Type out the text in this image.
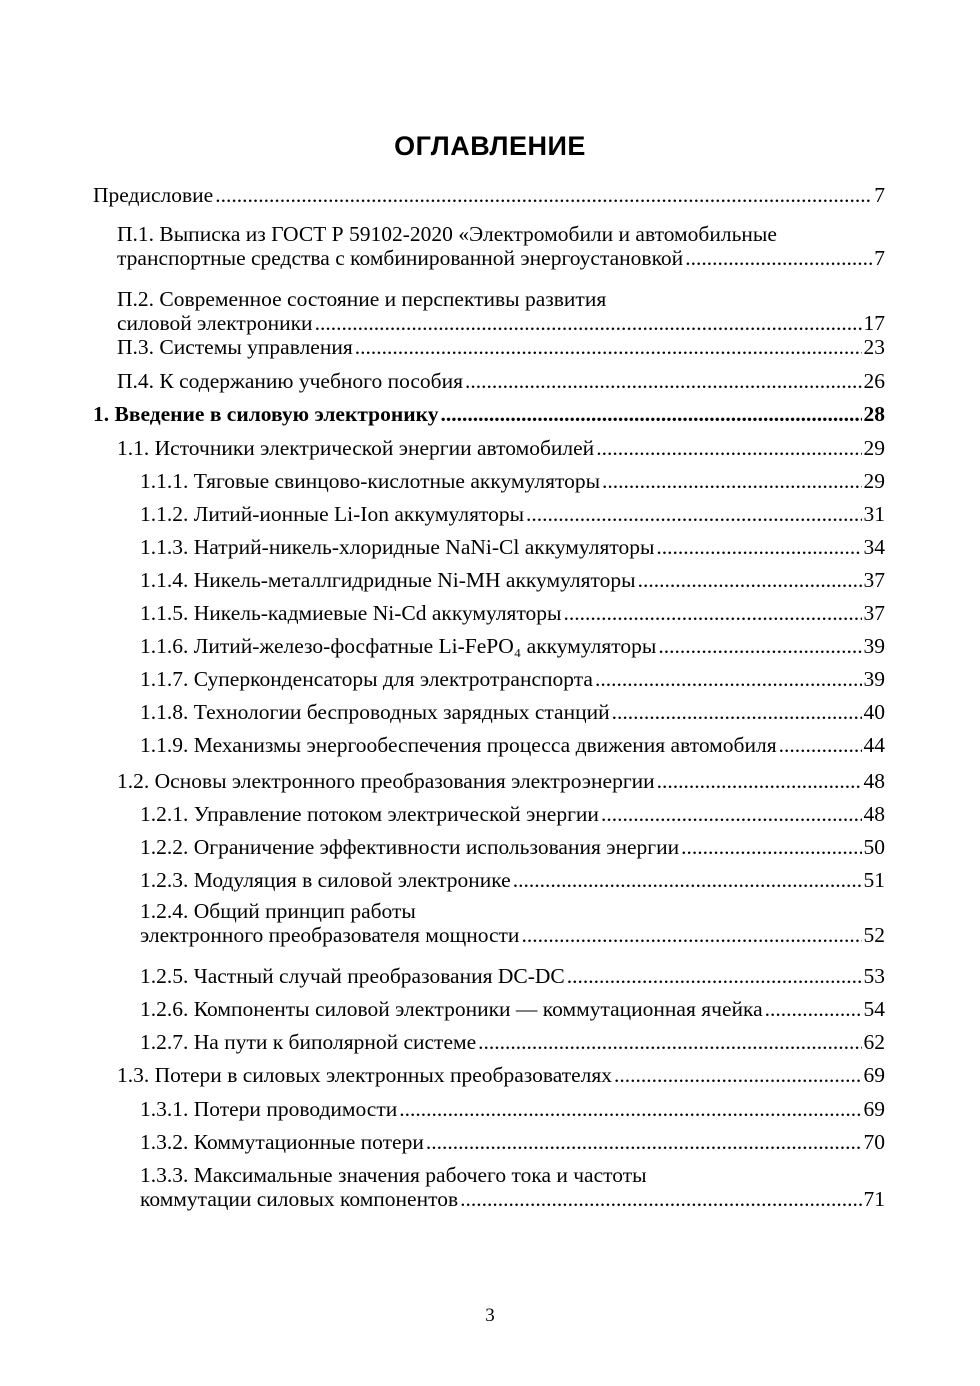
ОГЛАВЛЕНИЕ
Предисловие .....	7
П.1. Выписка из ГОСТ Р 59102-2020 «Электромобили и автомобильные
транспортные средства с комбинированной энергоустановкой .....	7
П.2. Современное состояние и перспективы развития
силовой электроники .....	17
П.3. Системы управления .....	23
П.4. К содержанию учебного пособия .....	26
1. Введение в силовую электронику .....	28
1.1. Источники электрической энергии автомобилей .....	29
1.1.1. Тяговые свинцово-кислотные аккумуляторы .....	29
1.1.2. Литий-ионные Li-Ion аккумуляторы .....	31
1.1.3. Натрий-никель-хлоридные NaNi-Cl аккумуляторы .....	34
1.1.4. Никель-металлгидридные Ni-MH аккумуляторы .....	37
1.1.5. Никель-кадмиевые Ni-Cd аккумуляторы .....	37
1.1.6. Литий-железо-фосфатные Li-FePO₄ аккумуляторы .....	39
1.1.7. Суперконденсаторы для электротранспорта .....	39
1.1.8. Технологии беспроводных зарядных станций .....	40
1.1.9. Механизмы энергообеспечения процесса движения автомобиля .....	44
1.2. Основы электронного преобразования электроэнергии .....	48
1.2.1. Управление потоком электрической энергии .....	48
1.2.2. Ограничение эффективности использования энергии .....	50
1.2.3. Модуляция в силовой электронике .....	51
1.2.4. Общий принцип работы
электронного преобразователя мощности .....	52
1.2.5. Частный случай преобразования DC-DC .....	53
1.2.6. Компоненты силовой электроники — коммутационная ячейка .....	54
1.2.7. На пути к биполярной системе .....	62
1.3. Потери в силовых электронных преобразователях .....	69
1.3.1. Потери проводимости .....	69
1.3.2. Коммутационные потери .....	70
1.3.3. Максимальные значения рабочего тока и частоты
коммутации силовых компонентов .....	71
3
